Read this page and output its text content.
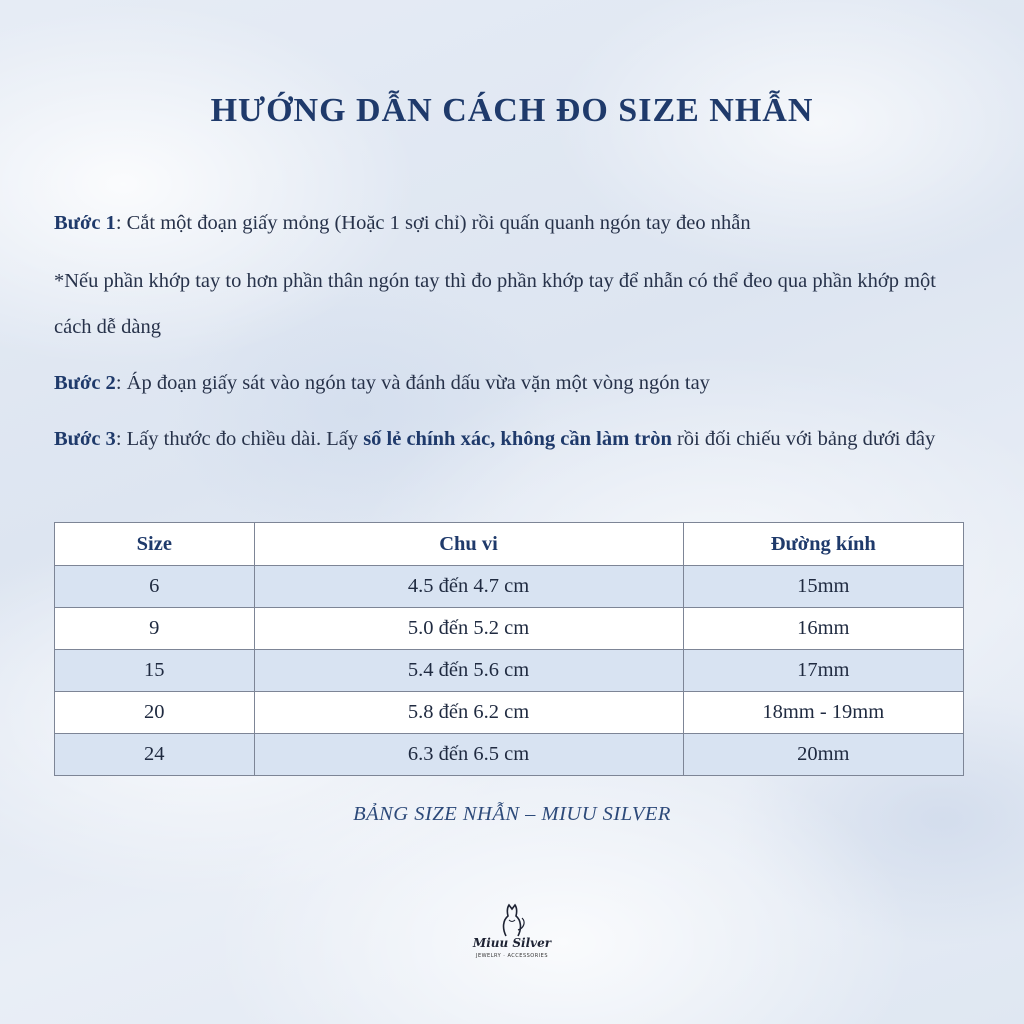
HƯỚNG DẪN CÁCH ĐO SIZE NHẪN
Bước 1: Cắt một đoạn giấy mỏng (Hoặc 1 sợi chỉ) rồi quấn quanh ngón tay đeo nhẫn
*Nếu phần khớp tay to hơn phần thân ngón tay thì đo phần khớp tay để nhẫn có thể đeo qua phần khớp một cách dễ dàng
Bước 2: Áp đoạn giấy sát vào ngón tay và đánh dấu vừa vặn một vòng ngón tay
Bước 3: Lấy thước đo chiều dài. Lấy số lẻ chính xác, không cần làm tròn rồi đối chiếu với bảng dưới đây
Size	Chu vi	Đường kính
6	4.5 đến 4.7 cm	15mm
9	5.0 đến 5.2 cm	16mm
15	5.4 đến 5.6 cm	17mm
20	5.8 đến 6.2 cm	18mm - 19mm
24	6.3 đến 6.5 cm	20mm
BẢNG SIZE NHẪN – MIUU SILVER
Miuu Silver
JEWELRY · ACCESSORIES
